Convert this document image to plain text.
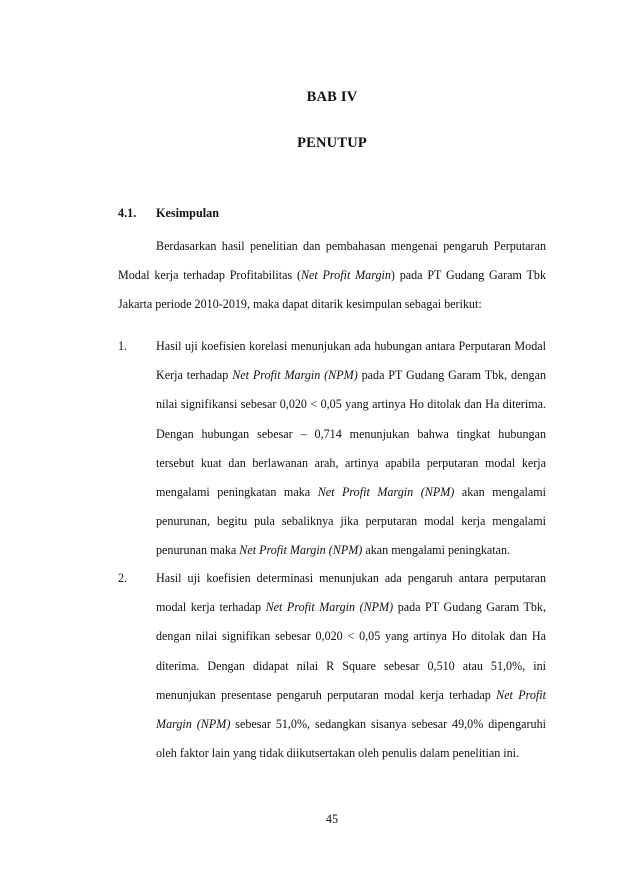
BAB IV
PENUTUP
4.1.	Kesimpulan

Berdasarkan hasil penelitian dan pembahasan mengenai pengaruh Perputaran Modal kerja terhadap Profitabilitas (Net Profit Margin) pada PT Gudang Garam Tbk Jakarta periode 2010-2019, maka dapat ditarik kesimpulan sebagai berikut:

1. Hasil uji koefisien korelasi menunjukan ada hubungan antara Perputaran Modal Kerja terhadap Net Profit Margin (NPM) pada PT Gudang Garam Tbk, dengan nilai signifikansi sebesar 0,020 < 0,05 yang artinya Ho ditolak dan Ha diterima. Dengan hubungan sebesar – 0,714 menunjukan bahwa tingkat hubungan tersebut kuat dan berlawanan arah, artinya apabila perputaran modal kerja mengalami peningkatan maka Net Profit Margin (NPM) akan mengalami penurunan, begitu pula sebaliknya jika perputaran modal kerja mengalami penurunan maka Net Profit Margin (NPM) akan mengalami peningkatan.

2. Hasil uji koefisien determinasi menunjukan ada pengaruh antara perputaran modal kerja terhadap Net Profit Margin (NPM) pada PT Gudang Garam Tbk, dengan nilai signifikan sebesar 0,020 < 0,05 yang artinya Ho ditolak dan Ha diterima. Dengan didapat nilai R Square sebesar 0,510 atau 51,0%, ini menunjukan presentase pengaruh perputaran modal kerja terhadap Net Profit Margin (NPM) sebesar 51,0%, sedangkan sisanya sebesar 49,0% dipengaruhi oleh faktor lain yang tidak diikutsertakan oleh penulis dalam penelitian ini.

45
